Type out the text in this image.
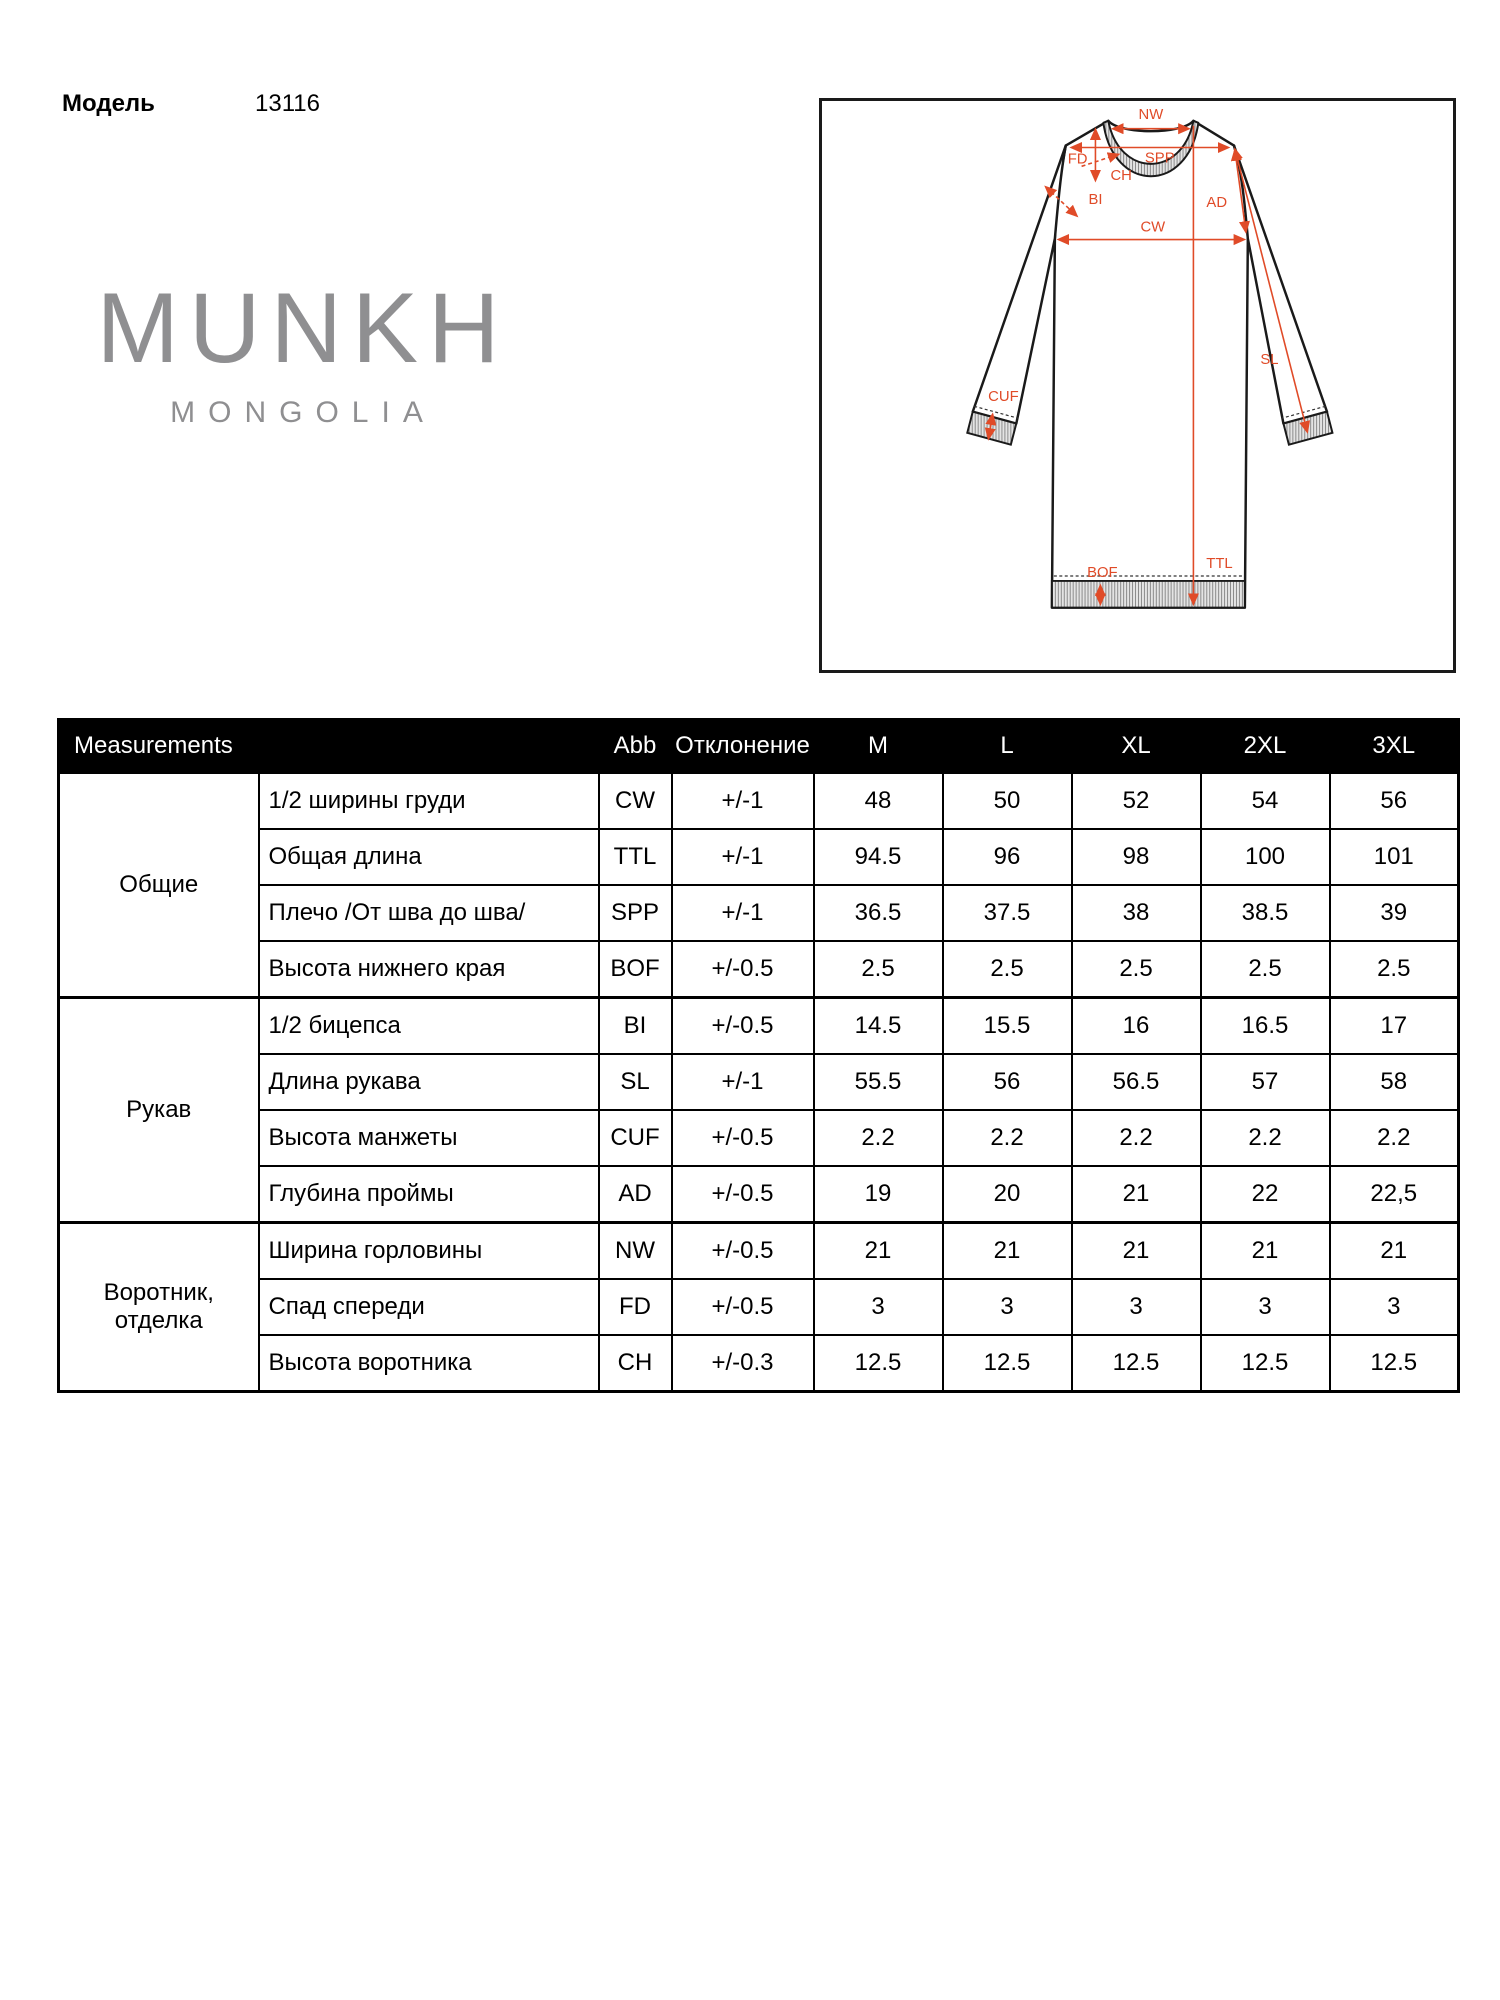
Модель	13116
MUNKH
MONGOLIA
NW
SPP
FD
CH
BI
CW
AD
SL
CUF
TTL
BOF
Measurements		Abb	Отклонение	M	L	XL	2XL	3XL
Общие	1/2 ширины груди	CW	+/-1	48	50	52	54	56
	Общая длина	TTL	+/-1	94.5	96	98	100	101
	Плечо /От шва до шва/	SPP	+/-1	36.5	37.5	38	38.5	39
	Высота нижнего края	BOF	+/-0.5	2.5	2.5	2.5	2.5	2.5
Рукав	1/2 бицепса	BI	+/-0.5	14.5	15.5	16	16.5	17
	Длина рукава	SL	+/-1	55.5	56	56.5	57	58
	Высота манжеты	CUF	+/-0.5	2.2	2.2	2.2	2.2	2.2
	Глубина проймы	AD	+/-0.5	19	20	21	22	22,5
Воротник, отделка	Ширина горловины	NW	+/-0.5	21	21	21	21	21
	Спад спереди	FD	+/-0.5	3	3	3	3	3
	Высота воротника	CH	+/-0.3	12.5	12.5	12.5	12.5	12.5
